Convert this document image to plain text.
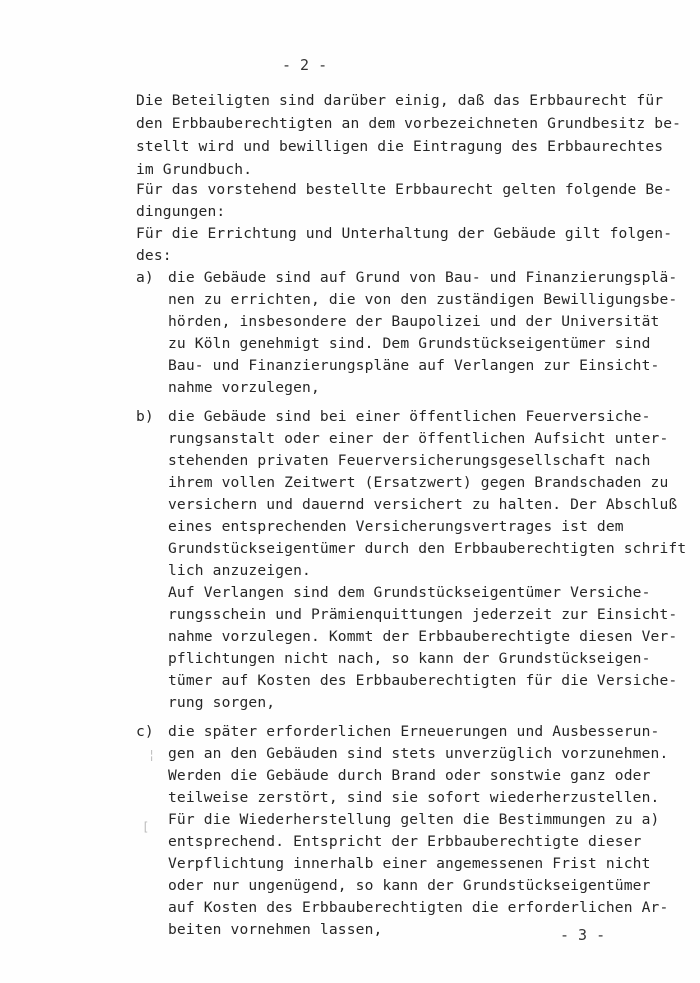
- 2 -
Die Beteiligten sind darüber einig, daß das Erbbaurecht für
den Erbbauberechtigten an dem vorbezeichneten Grundbesitz be-
stellt wird und bewilligen die Eintragung des Erbbaurechtes
im Grundbuch.
Für das vorstehend bestellte Erbbaurecht gelten folgende Be-
dingungen:
Für die Errichtung und Unterhaltung der Gebäude gilt folgen-
des:
a) die Gebäude sind auf Grund von Bau- und Finanzierungsplä-
nen zu errichten, die von den zuständigen Bewilligungsbe-
hörden, insbesondere der Baupolizei und der Universität
zu Köln genehmigt sind. Dem Grundstückseigentümer sind
Bau- und Finanzierungspläne auf Verlangen zur Einsicht-
nahme vorzulegen,
b) die Gebäude sind bei einer öffentlichen Feuerversiche-
rungsanstalt oder einer der öffentlichen Aufsicht unter-
stehenden privaten Feuerversicherungsgesellschaft nach
ihrem vollen Zeitwert (Ersatzwert) gegen Brandschaden zu
versichern und dauernd versichert zu halten. Der Abschluß
eines entsprechenden Versicherungsvertrages ist dem
Grundstückseigentümer durch den Erbbauberechtigten schrift
lich anzuzeigen.
Auf Verlangen sind dem Grundstückseigentümer Versiche-
rungsschein und Prämienquittungen jederzeit zur Einsicht-
nahme vorzulegen. Kommt der Erbbauberechtigte diesen Ver-
pflichtungen nicht nach, so kann der Grundstückseigen-
tümer auf Kosten des Erbbauberechtigten für die Versiche-
rung sorgen,
c) die später erforderlichen Erneuerungen und Ausbesserun-
gen an den Gebäuden sind stets unverzüglich vorzunehmen.
Werden die Gebäude durch Brand oder sonstwie ganz oder
teilweise zerstört, sind sie sofort wiederherzustellen.
Für die Wiederherstellung gelten die Bestimmungen zu a)
entsprechend. Entspricht der Erbbauberechtigte dieser
Verpflichtung innerhalb einer angemessenen Frist nicht
oder nur ungenügend, so kann der Grundstückseigentümer
auf Kosten des Erbbauberechtigten die erforderlichen Ar-
beiten vornehmen lassen,
¦
[
- 3 -
